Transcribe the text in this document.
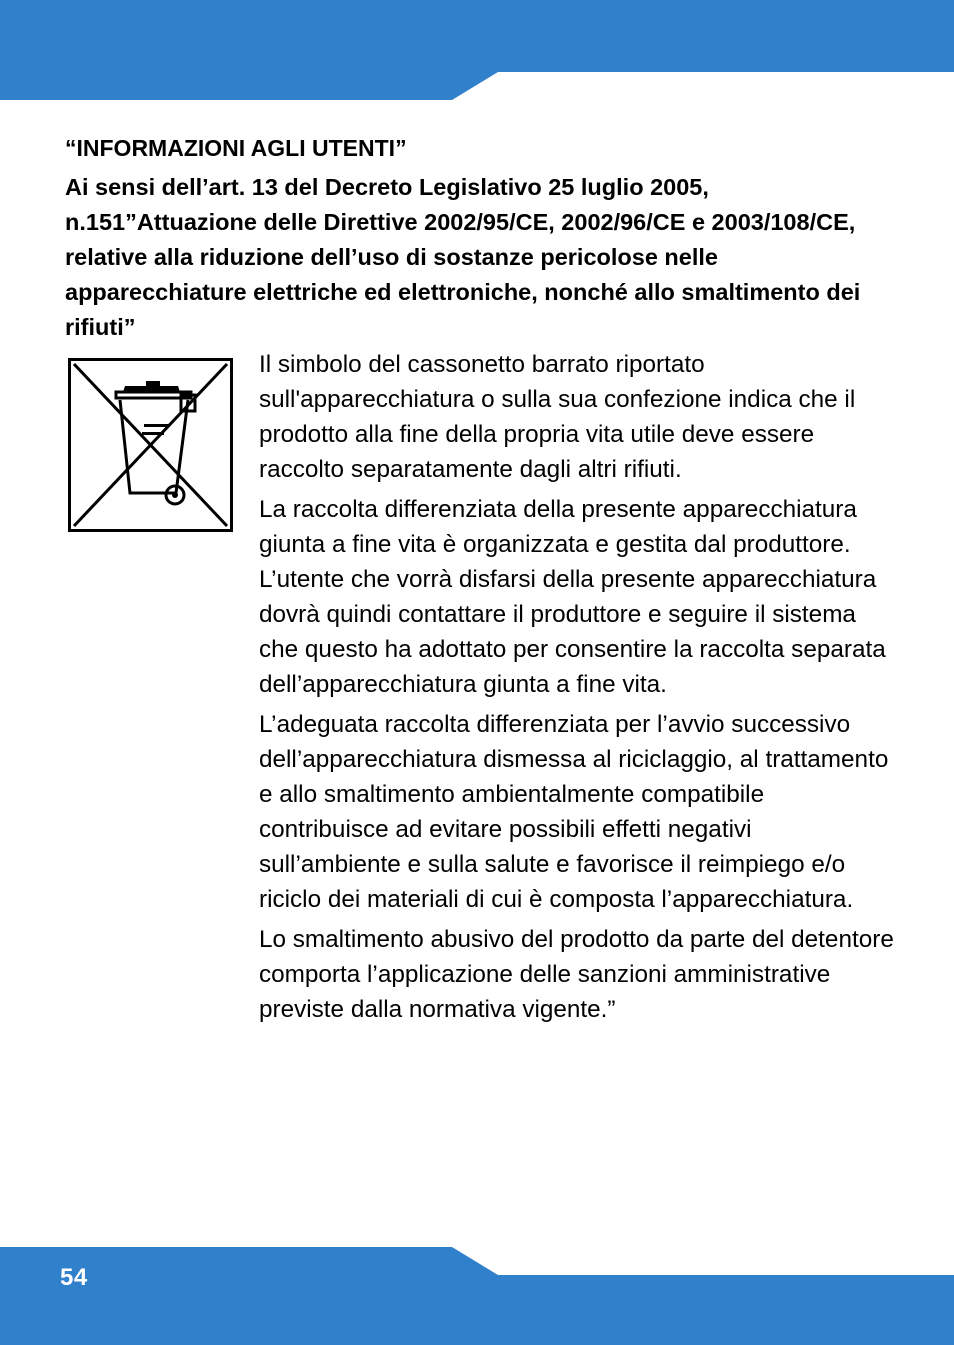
“INFORMAZIONI AGLI UTENTI”
Ai sensi dell’art. 13 del Decreto Legislativo 25 luglio 2005, n.151”Attuazione delle Direttive 2002/95/CE, 2002/96/CE e 2003/108/CE, relative alla riduzione dell’uso di sostanze pericolose nelle apparecchiature elettriche ed elettroniche, nonché allo smaltimento dei rifiuti”

Il simbolo del cassonetto barrato riportato sull'apparecchiatura o sulla sua confezione indica che il prodotto alla fine della propria vita utile deve essere raccolto separatamente dagli altri rifiuti.

La raccolta differenziata della presente apparecchiatura giunta a fine vita è organizzata e gestita dal produttore. L’utente che vorrà disfarsi della presente apparecchiatura dovrà quindi contattare il produttore e seguire il sistema che questo ha adottato per consentire la raccolta separata dell’apparecchiatura giunta a fine vita.

L’adeguata raccolta differenziata per l’avvio successivo dell’apparecchiatura dismessa al riciclaggio, al trattamento e allo smaltimento ambientalmente compatibile contribuisce ad evitare possibili effetti negativi sull’ambiente e sulla salute e favorisce il reimpiego e/o riciclo dei materiali di cui è composta l’apparecchiatura.

Lo smaltimento abusivo del prodotto da parte del detentore comporta l’applicazione delle sanzioni amministrative previste dalla normativa vigente.”

54
